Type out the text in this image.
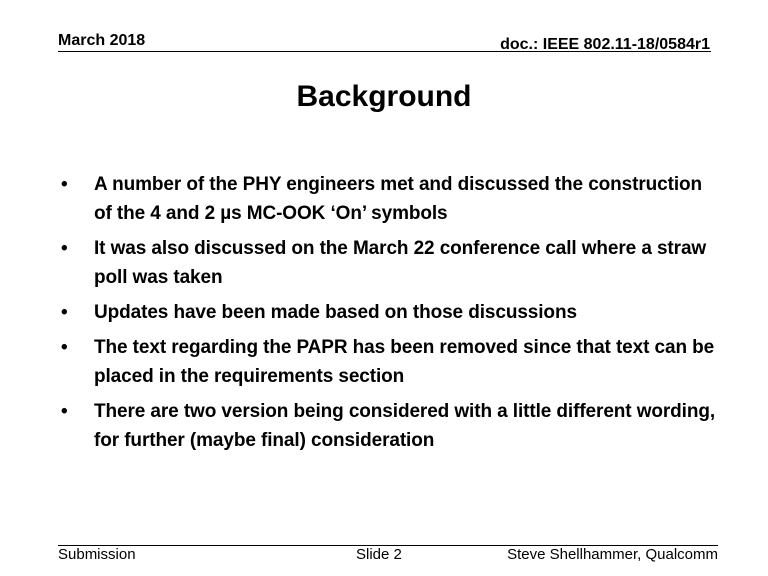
March 2018	doc.: IEEE 802.11-18/0584r1
Background
•	A number of the PHY engineers met and discussed the construction of the 4 and 2 µs MC-OOK ‘On’ symbols
•	It was also discussed on the March 22 conference call where a straw poll was taken
•	Updates have been made based on those discussions
•	The text regarding the PAPR has been removed since that text can be placed in the requirements section
•	There are two version being considered with a little different wording, for further (maybe final) consideration
Submission	Slide 2	Steve Shellhammer, Qualcomm
